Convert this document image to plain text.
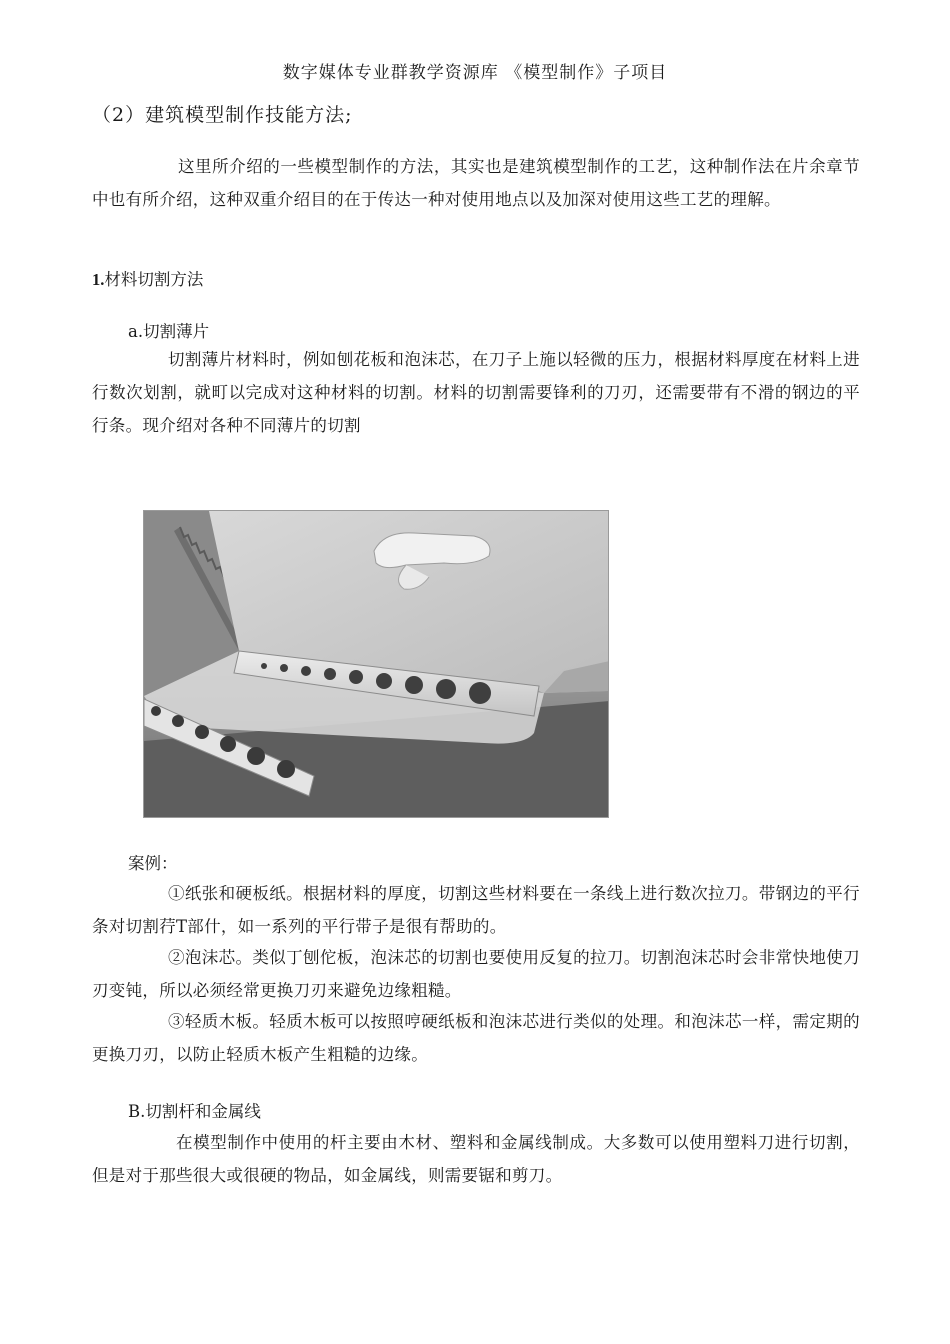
数字媒体专业群教学资源库 《模型制作》子项目
（2）建筑模型制作技能方法;
这里所介绍的一些模型制作的方法，其实也是建筑模型制作的工艺，这种制作法在片余章节中也有所介绍，这种双重介绍目的在于传达一种对使用地点以及加深对使用这些工艺的理解。
1.材料切割方法
a.切割薄片
切割薄片材料时，例如刨花板和泡沫芯，在刀子上施以轻微的压力，根据材料厚度在材料上进行数次划割，就町以完成对这种材料的切割。材料的切割需要锋利的刀刃，还需要带有不滑的钢边的平行条。现介绍对各种不同薄片的切割
案例：
①纸张和硬板纸。根据材料的厚度，切割这些材料要在一条线上进行数次拉刀。带钢边的平行条对切割荇T部什，如一系列的平行带子是很有帮助的。
②泡沫芯。类似丁刨佗板，泡沫芯的切割也要使用反复的拉刀。切割泡沫芯时会非常快地使刀刃变钝，所以必须经常更换刀刃来避免边缘粗糙。
③轻质木板。轻质木板可以按照哼硬纸板和泡沫芯进行类似的处理。和泡沫芯一样，需定期的更换刀刃，以防止轻质木板产生粗糙的边缘。
B.切割杆和金属线
在模型制作中使用的杆主要由木材、塑料和金属线制成。大多数可以使用塑料刀进行切割，但是对于那些很大或很硬的物品，如金属线，则需要锯和剪刀。
